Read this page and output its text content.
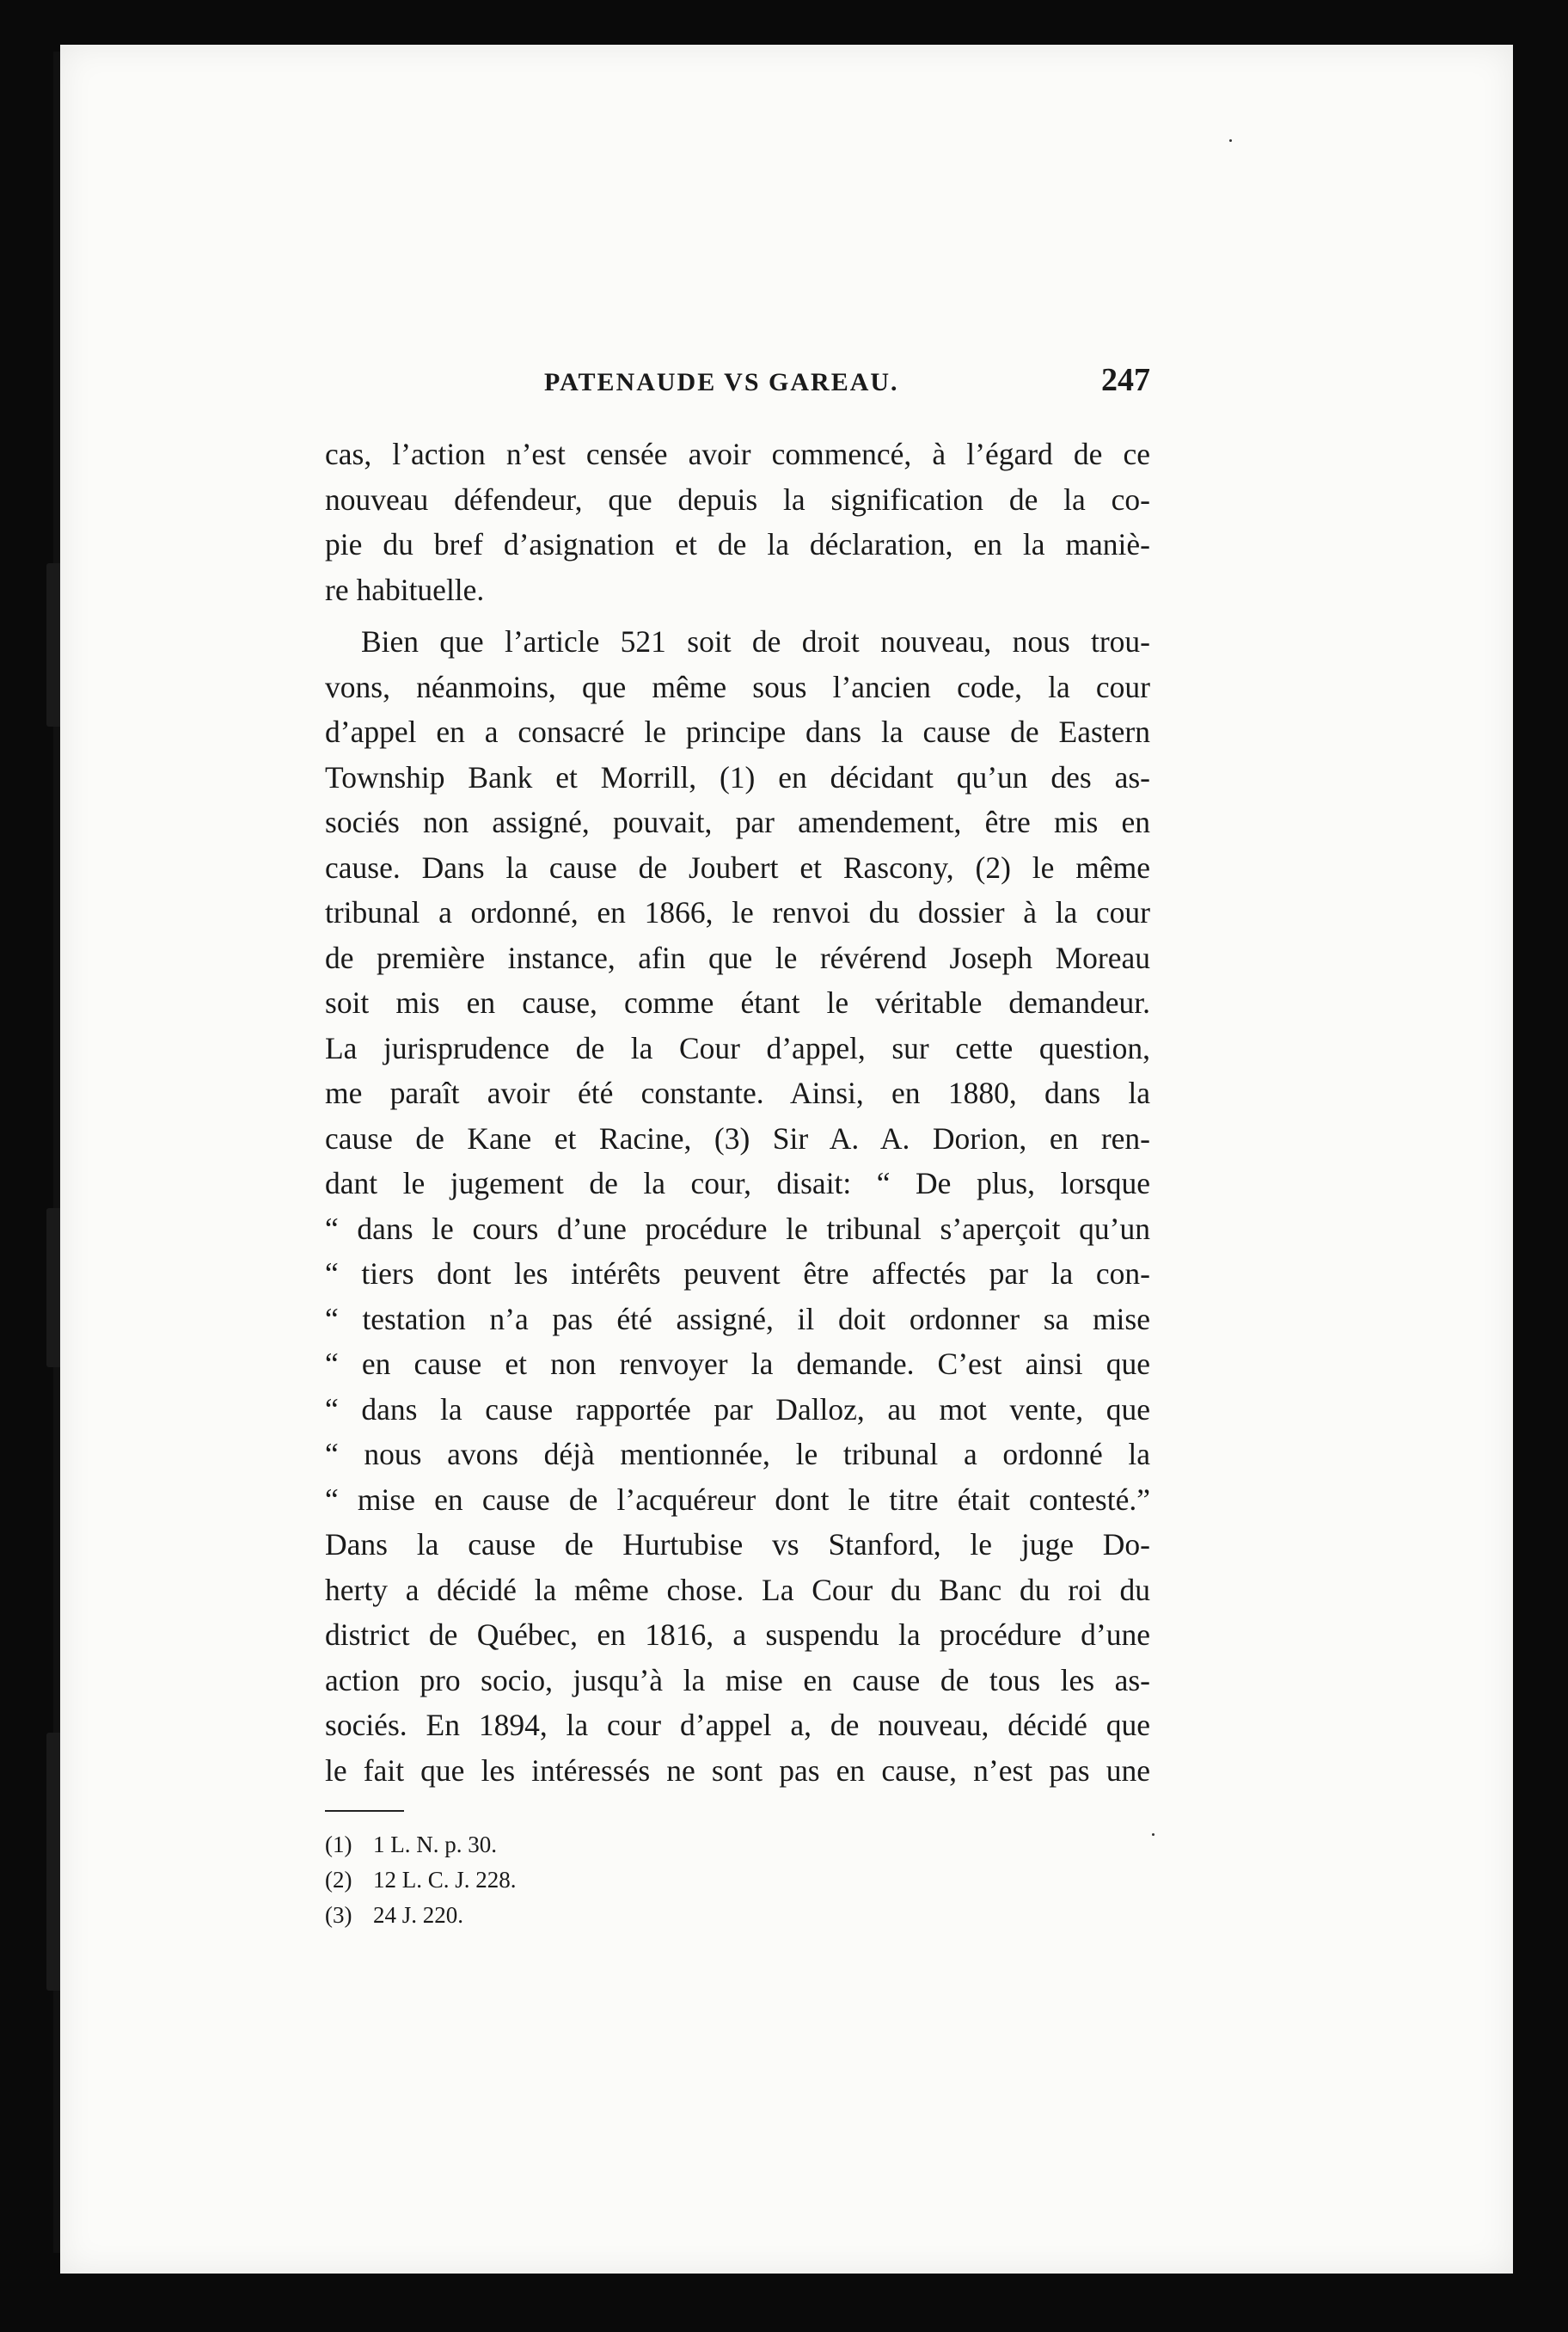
PATENAUDE VS GAREAU.	247
cas, l’action n’est censée avoir commencé, à l’égard de ce
nouveau défendeur, que depuis la signification de la co-
pie du bref d’asignation et de la déclaration, en la maniè-
re habituelle.
Bien que l’article 521 soit de droit nouveau, nous trou-
vons, néanmoins, que même sous l’ancien code, la cour
d’appel en a consacré le principe dans la cause de Eastern
Township Bank et Morrill, (1) en décidant qu’un des as-
sociés non assigné, pouvait, par amendement, être mis en
cause. Dans la cause de Joubert et Rascony, (2) le même
tribunal a ordonné, en 1866, le renvoi du dossier à la cour
de première instance, afin que le révérend Joseph Moreau
soit mis en cause, comme étant le véritable demandeur.
La jurisprudence de la Cour d’appel, sur cette question,
me paraît avoir été constante. Ainsi, en 1880, dans la
cause de Kane et Racine, (3) Sir A. A. Dorion, en ren-
dant le jugement de la cour, disait: “ De plus, lorsque
“ dans le cours d’une procédure le tribunal s’aperçoit qu’un
“ tiers dont les intérêts peuvent être affectés par la con-
“ testation n’a pas été assigné, il doit ordonner sa mise
“ en cause et non renvoyer la demande. C’est ainsi que
“ dans la cause rapportée par Dalloz, au mot vente, que
“ nous avons déjà mentionnée, le tribunal a ordonné la
“ mise en cause de l’acquéreur dont le titre était contesté.”
Dans la cause de Hurtubise vs Stanford, le juge Do-
herty a décidé la même chose. La Cour du Banc du roi du
district de Québec, en 1816, a suspendu la procédure d’une
action pro socio, jusqu’à la mise en cause de tous les as-
sociés. En 1894, la cour d’appel a, de nouveau, décidé que
le fait que les intéressés ne sont pas en cause, n’est pas une
(1) 1 L. N. p. 30.
(2) 12 L. C. J. 228.
(3) 24 J. 220.
